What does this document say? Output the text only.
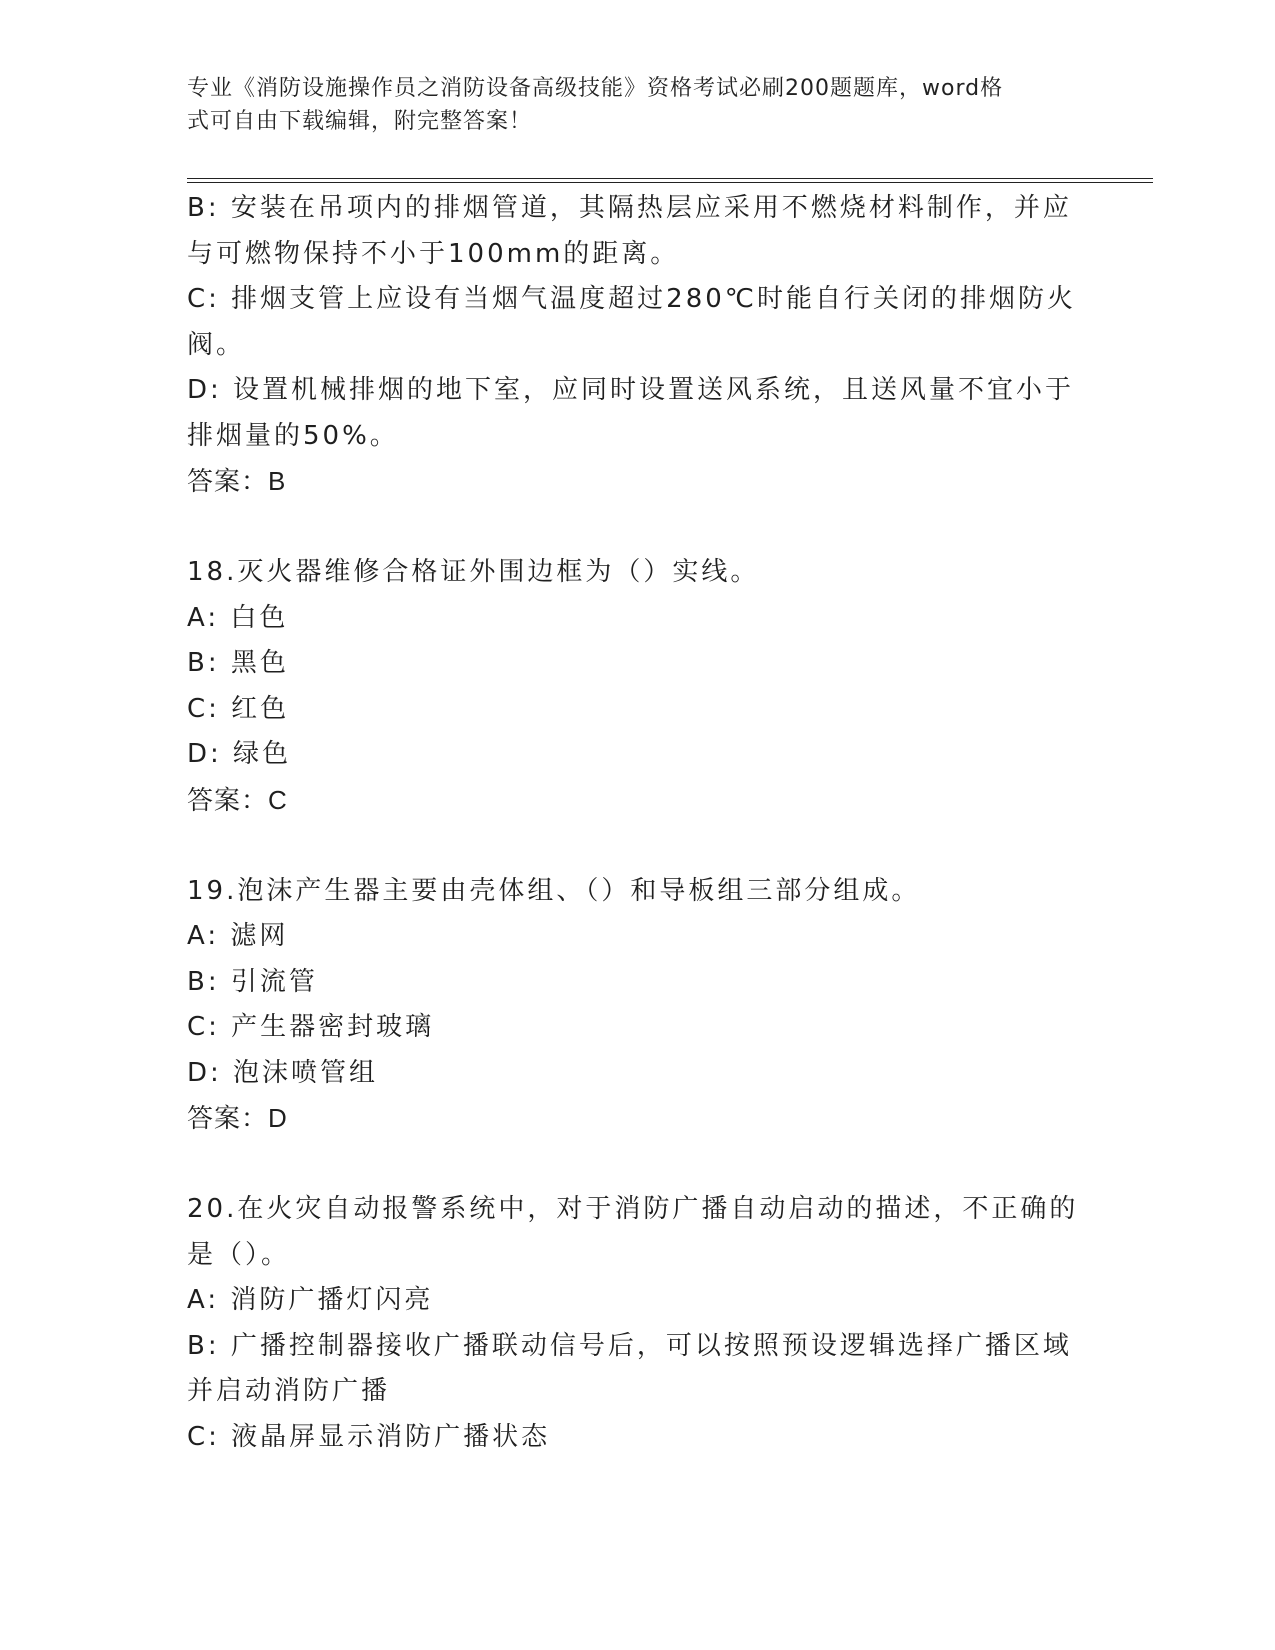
专业《消防设施操作员之消防设备高级技能》资格考试必刷200题题库，word格
式可自由下载编辑，附完整答案！
B: 安装在吊项内的排烟管道，其隔热层应采用不燃烧材料制作，并应
与可燃物保持不小于100mm的距离。
C: 排烟支管上应设有当烟气温度超过280℃时能自行关闭的排烟防火
阀。
D: 设置机械排烟的地下室，应同时设置送风系统，且送风量不宜小于
排烟量的50%。
答案：B
18.灭火器维修合格证外围边框为（）实线。
A: 白色
B: 黑色
C: 红色
D: 绿色
答案：C
19.泡沫产生器主要由壳体组、（）和导板组三部分组成。
A: 滤网
B: 引流管
C: 产生器密封玻璃
D: 泡沫喷管组
答案：D
20.在火灾自动报警系统中，对于消防广播自动启动的描述，不正确的
是（）。
A: 消防广播灯闪亮
B: 广播控制器接收广播联动信号后，可以按照预设逻辑选择广播区域
并启动消防广播
C: 液晶屏显示消防广播状态
